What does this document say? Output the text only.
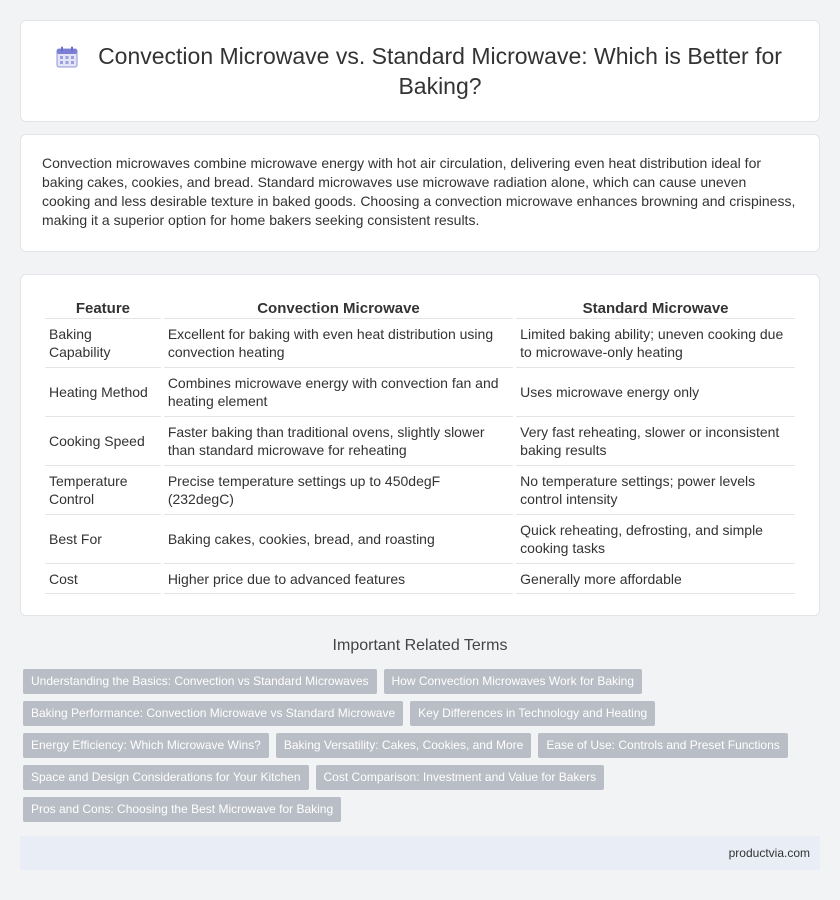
Convection Microwave vs. Standard Microwave: Which is Better for Baking?

Convection microwaves combine microwave energy with hot air circulation, delivering even heat distribution ideal for baking cakes, cookies, and bread. Standard microwaves use microwave radiation alone, which can cause uneven cooking and less desirable texture in baked goods. Choosing a convection microwave enhances browning and crispiness, making it a superior option for home bakers seeking consistent results.

Feature	Convection Microwave	Standard Microwave
Baking Capability	Excellent for baking with even heat distribution using convection heating	Limited baking ability; uneven cooking due to microwave-only heating
Heating Method	Combines microwave energy with convection fan and heating element	Uses microwave energy only
Cooking Speed	Faster baking than traditional ovens, slightly slower than standard microwave for reheating	Very fast reheating, slower or inconsistent baking results
Temperature Control	Precise temperature settings up to 450degF (232degC)	No temperature settings; power levels control intensity
Best For	Baking cakes, cookies, bread, and roasting	Quick reheating, defrosting, and simple cooking tasks
Cost	Higher price due to advanced features	Generally more affordable
Important Related Terms
Understanding the Basics: Convection vs Standard Microwaves	How Convection Microwaves Work for Baking
Baking Performance: Convection Microwave vs Standard Microwave	Key Differences in Technology and Heating
Energy Efficiency: Which Microwave Wins?	Baking Versatility: Cakes, Cookies, and More	Ease of Use: Controls and Preset Functions
Space and Design Considerations for Your Kitchen	Cost Comparison: Investment and Value for Bakers
Pros and Cons: Choosing the Best Microwave for Baking
productvia.com
